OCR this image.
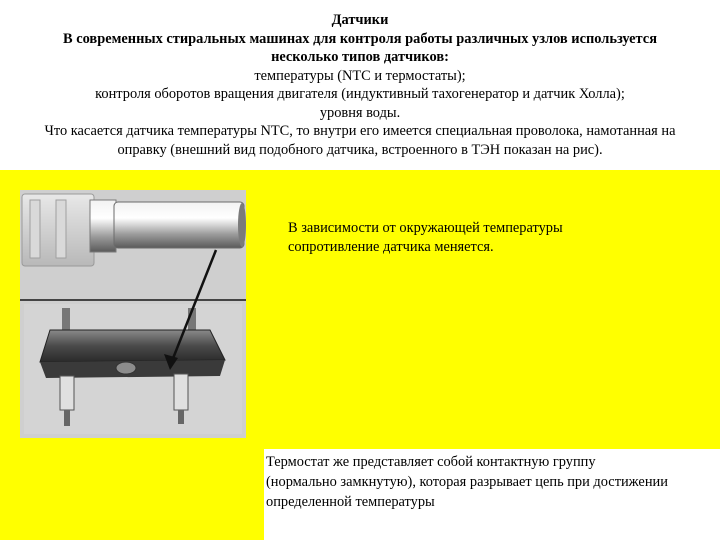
Датчики
В современных стиральных машинах для контроля работы различных узлов используется
несколько типов датчиков:
температуры (NTC и термостаты);
контроля оборотов вращения двигателя (индуктивный тахогенератор и датчик Холла);
уровня воды.
Что касается датчика температуры NTC, то внутри его имеется специальная проволока, намотанная на
оправку (внешний вид подобного датчика, встроенного в ТЭН показан на рис).
В зависимости от окружающей температуры
сопротивление датчика меняется.
Термостат же представляет собой контактную группу
(нормально замкнутую), которая разрывает цепь при достижении
определенной температуры
